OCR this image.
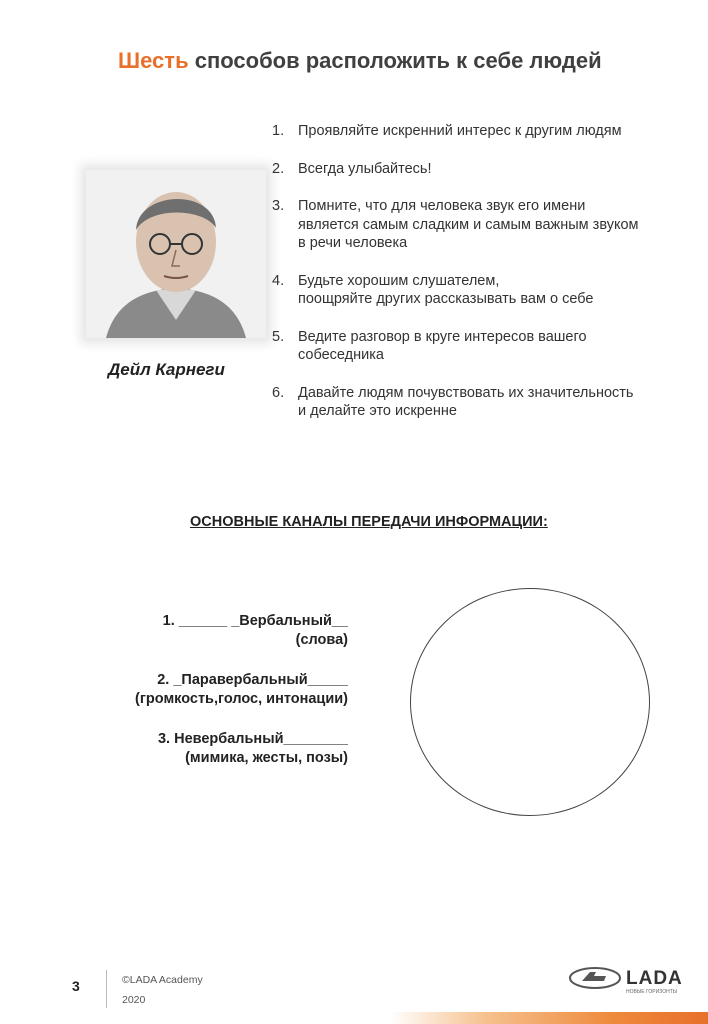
Шесть способов расположить к себе людей
Дейл Карнеги
1. Проявляйте искренний интерес к другим людям
2. Всегда улыбайтесь!
3. Помните, что для человека звук его имени
является самым сладким и самым важным звуком
в речи человека
4. Будьте хорошим слушателем,
поощряйте других рассказывать вам о себе
5. Ведите разговор в круге интересов вашего
собеседника
6. Давайте людям почувствовать их значительность
и делайте это искренне
ОСНОВНЫЕ КАНАЛЫ ПЕРЕДАЧИ ИНФОРМАЦИИ:
1. ______ _Вербальный__
(слова)
2. _Паравербальный_____
(громкость,голос, интонации)
3. Невербальный________
(мимика, жесты, позы)
3	©LADA Academy
2020
LADA
НОВЫЕ ГОРИЗОНТЫ
